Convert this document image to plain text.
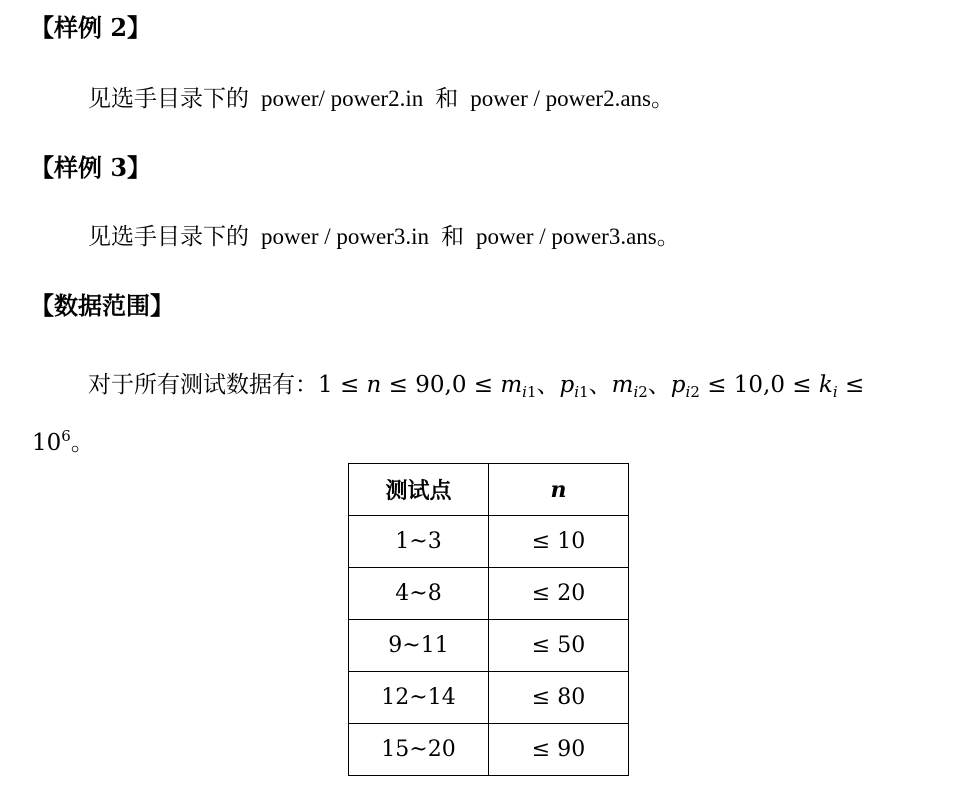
【样例 2】
见选手目录下的 power/ power2.in 和 power / power2.ans。
【样例 3】
见选手目录下的 power / power3.in 和 power / power3.ans。
【数据范围】
对于所有测试数据有：$1 \le n \le 90,0 \le m_{i1}$、$p_{i1}$、$m_{i2}$、$p_{i2} \le 10,0 \le k_i$ ≤
$10^6$。
测试点	n
1~3	≤ 10
4~8	≤ 20
9~11	≤ 50
12~14	≤ 80
15~20	≤ 90
